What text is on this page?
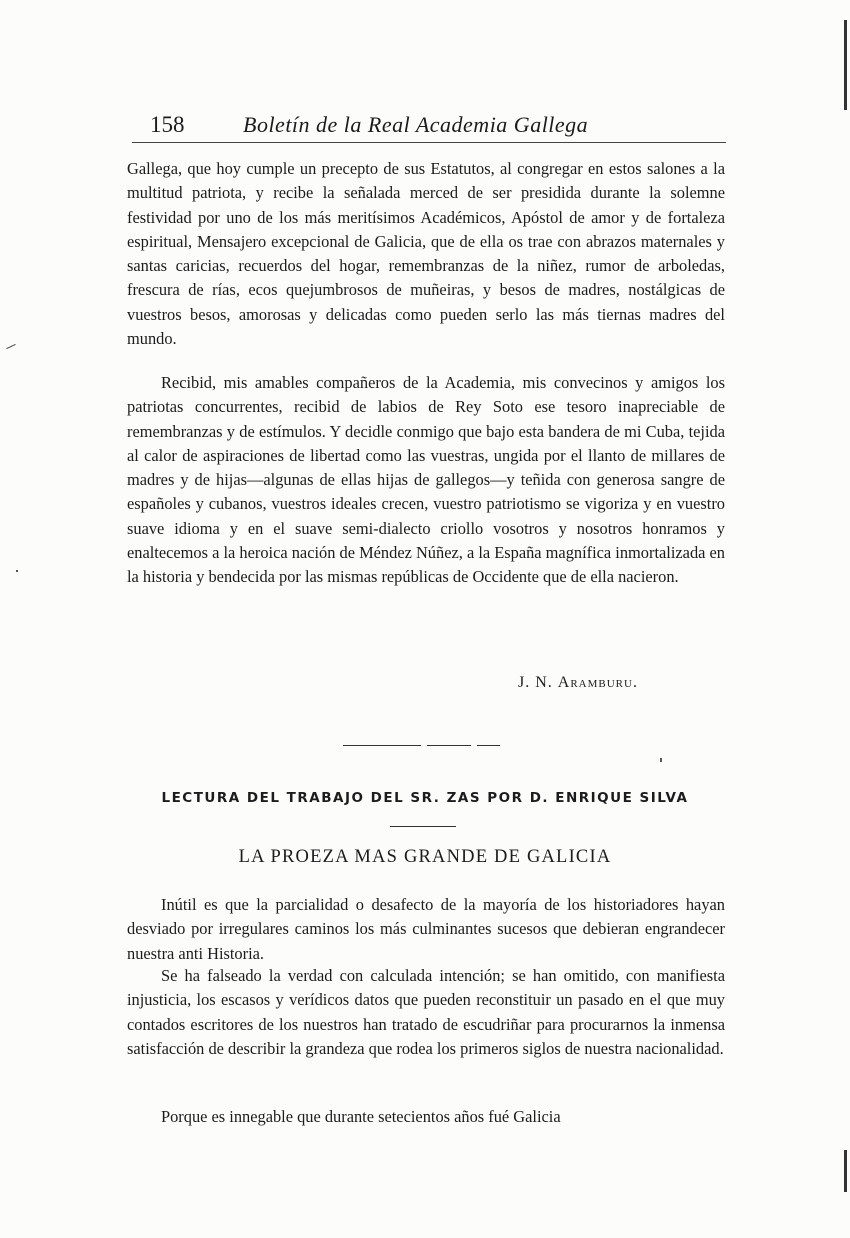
158	Boletín de la Real Academia Gallega

Gallega, que hoy cumple un precepto de sus Estatutos, al congregar en estos salones a la multitud patriota, y recibe la señalada merced de ser presidida durante la solemne festividad por uno de los más meritísimos Académicos, Apóstol de amor y de fortaleza espiritual, Mensajero excepcional de Galicia, que de ella os trae con abrazos maternales y santas caricias, recuerdos del hogar, remembranzas de la niñez, rumor de arboledas, frescura de rías, ecos quejumbrosos de muñeiras, y besos de madres, nostálgicas de vuestros besos, amorosas y delicadas como pueden serlo las más tiernas madres del mundo.

Recibid, mis amables compañeros de la Academia, mis convecinos y amigos los patriotas concurrentes, recibid de labios de Rey Soto ese tesoro inapreciable de remembranzas y de estímulos. Y decidle conmigo que bajo esta bandera de mi Cuba, tejida al calor de aspiraciones de libertad como las vuestras, ungida por el llanto de millares de madres y de hijas—algunas de ellas hijas de gallegos—y teñida con generosa sangre de españoles y cubanos, vuestros ideales crecen, vuestro patriotismo se vigoriza y en vuestro suave idioma y en el suave semi-dialecto criollo vosotros y nosotros honramos y enaltecemos a la heroica nación de Méndez Núñez, a la España magnífica inmortalizada en la historia y bendecida por las mismas repúblicas de Occidente que de ella nacieron.

J. N. Aramburu.
LECTURA DEL TRABAJO DEL SR. ZAS POR D. ENRIQUE SILVA
LA PROEZA MAS GRANDE DE GALICIA

Inútil es que la parcialidad o desafecto de la mayoría de los historiadores hayan desviado por irregulares caminos los más culminantes sucesos que debieran engrandecer nuestra anti Historia.

Se ha falseado la verdad con calculada intención; se han omitido, con manifiesta injusticia, los escasos y verídicos datos que pueden reconstituir un pasado en el que muy contados escritores de los nuestros han tratado de escudriñar para procurarnos la inmensa satisfacción de describir la grandeza que rodea los primeros siglos de nuestra nacionalidad.

Porque es innegable que durante setecientos años fué Galicia
